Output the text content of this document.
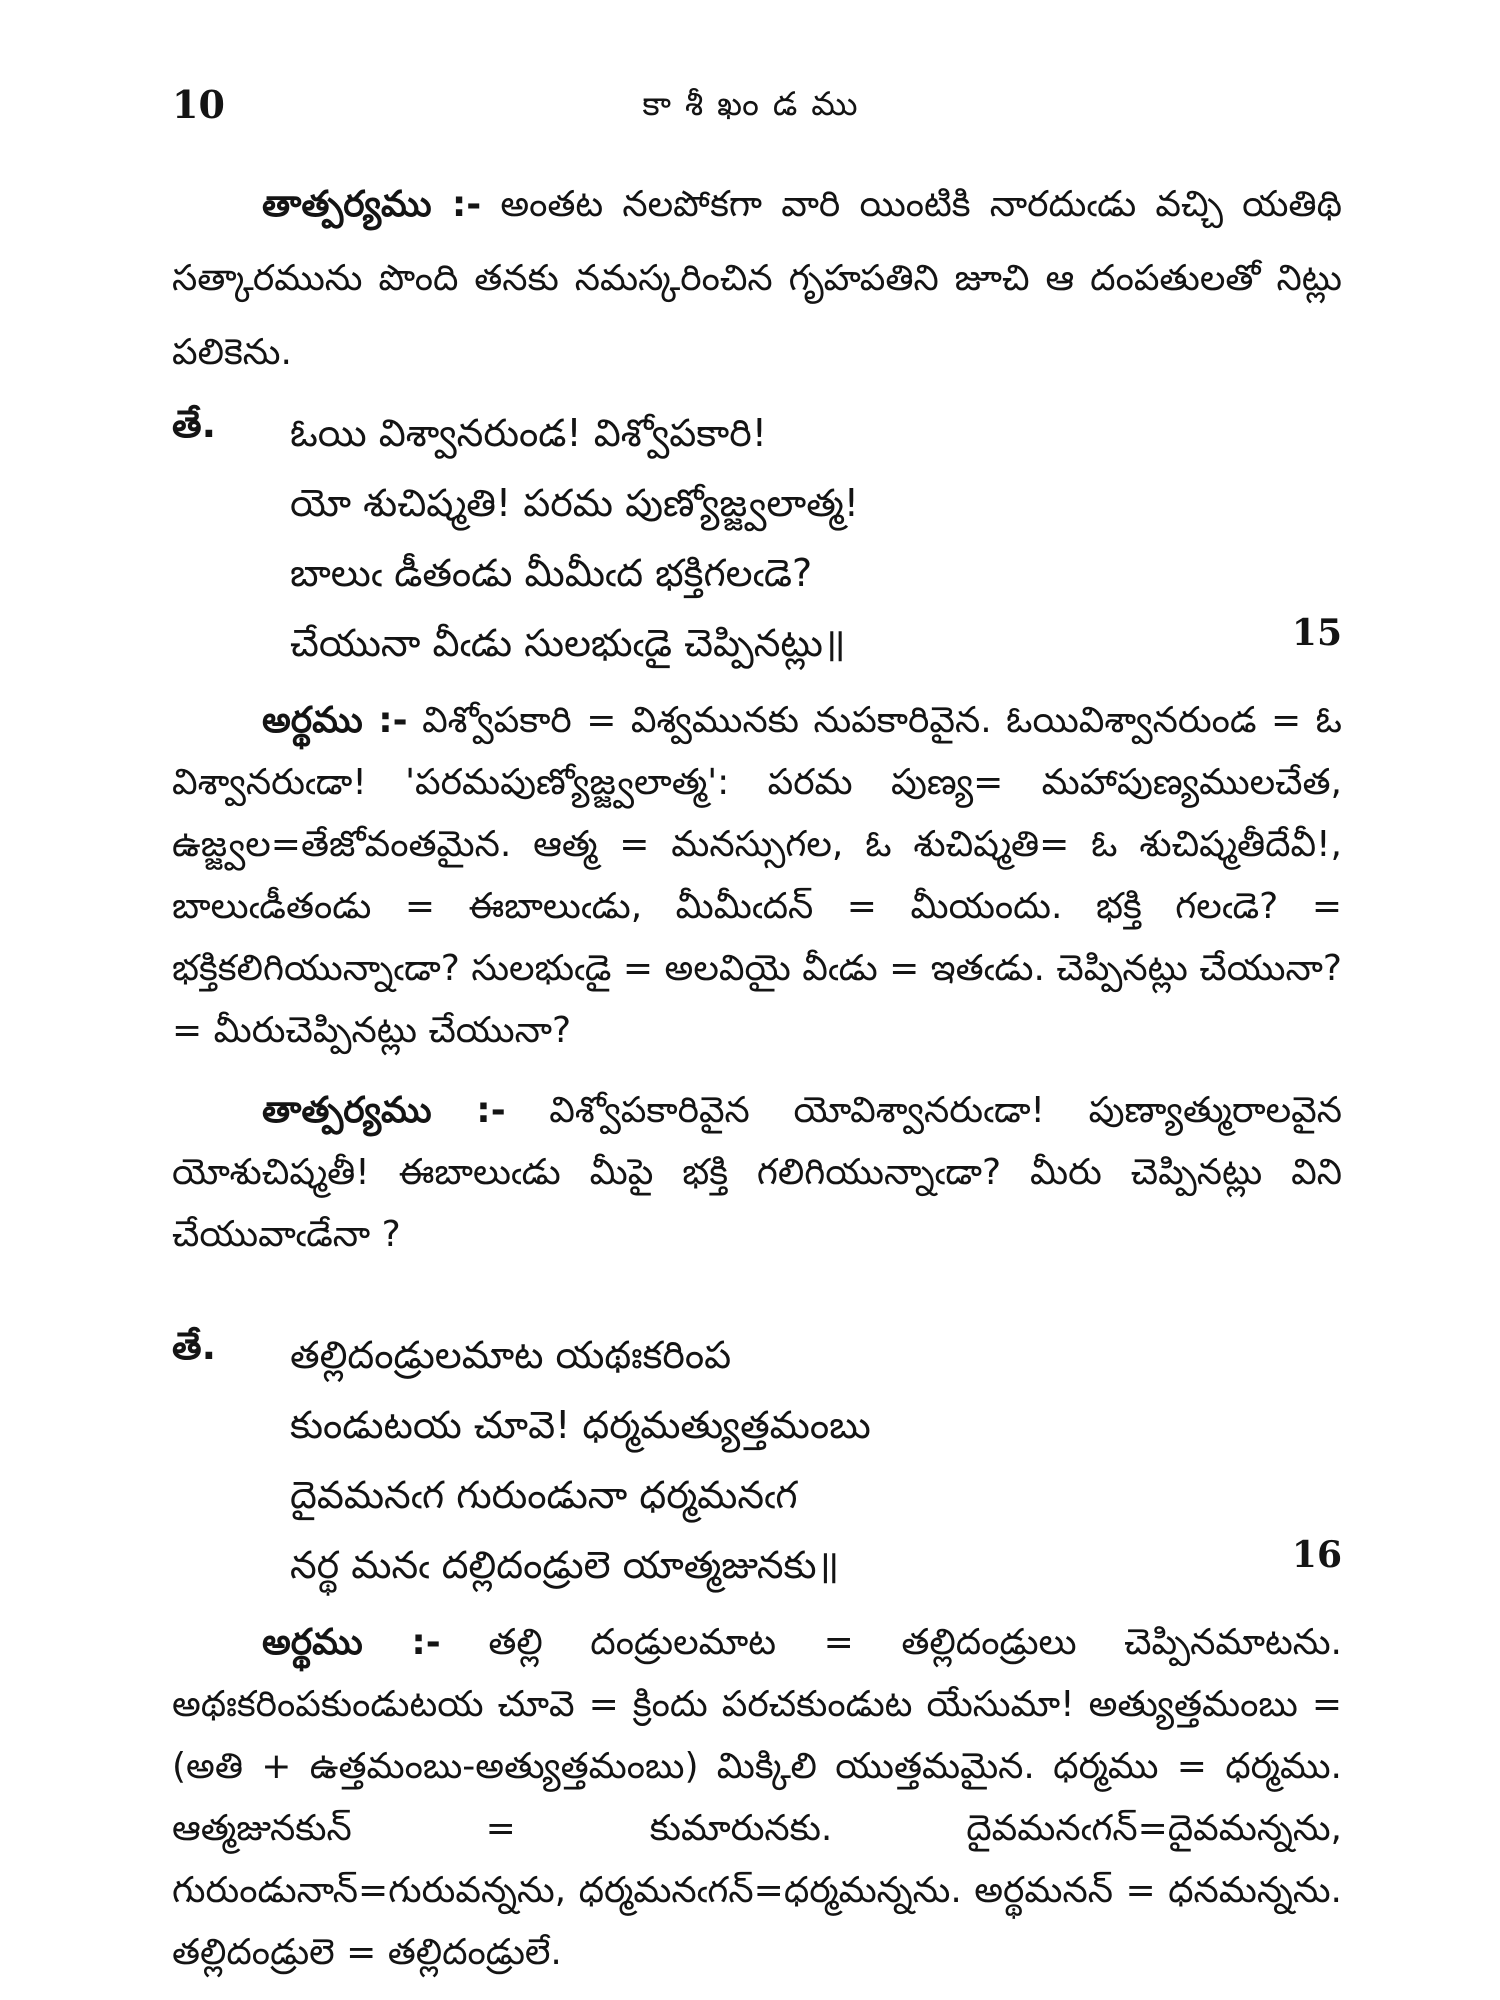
10	కాశీఖండము

తాత్పర్యము :- అంతట నలపోకగా వారి యింటికి నారదుఁడు వచ్చి యతిథి సత్కారమును పొంది తనకు నమస్కరించిన గృహపతిని జూచి ఆ దంపతులతో నిట్లు పలికెను.

తే. ఓయి విశ్వానరుండ! విశ్వోపకారి!
యో శుచిష్మతి! పరమ పుణ్యోజ్జ్వలాత్మ!
బాలుఁ డీతండు మీమీఁద భక్తిగలఁడె?
చేయునా వీఁడు సులభుఁడై చెప్పినట్లు॥	15

అర్థము :- విశ్వోపకారి = విశ్వమునకు నుపకారివైన. ఓయివిశ్వానరుండ = ఓ విశ్వానరుఁడా! 'పరమపుణ్యోజ్జ్వలాత్మ': పరమ పుణ్య= మహాపుణ్యములచేత, ఉజ్జ్వల=తేజోవంతమైన. ఆత్మ = మనస్సుగల, ఓ శుచిష్మతి= ఓ శుచిష్మతీదేవీ!, బాలుఁడీతండు = ఈబాలుఁడు, మీమీఁదన్ = మీయందు. భక్తి గలఁడె? = భక్తికలిగియున్నాఁడా? సులభుఁడై = అలవియై వీఁడు = ఇతఁడు. చెప్పినట్లు చేయునా? = మీరుచెప్పినట్లు చేయునా?

తాత్పర్యము :- విశ్వోపకారివైన యోవిశ్వానరుఁడా! పుణ్యాత్మురాలవైన యోశుచిష్మతీ! ఈబాలుఁడు మీపై భక్తి గలిగియున్నాఁడా? మీరు చెప్పినట్లు విని చేయువాఁడేనా ?

తే. తల్లిదండ్రులమాట యథఃకరింప
కుండుటయ చూవె! ధర్మమత్యుత్తమంబు
దైవమనఁగ గురుండునా ధర్మమనఁగ
నర్థ మనఁ దల్లిదండ్రులె యాత్మజునకు॥	16

అర్థము :- తల్లి దండ్రులమాట = తల్లిదండ్రులు చెప్పినమాటను. అథఃకరింపకుండుటయ చూవె = క్రిందు పరచకుండుట యేసుమా! అత్యుత్తమంబు = (అతి + ఉత్తమంబు-అత్యుత్తమంబు) మిక్కిలి యుత్తమమైన. ధర్మము = ధర్మము. ఆత్మజునకున్ = కుమారునకు. దైవమనఁగన్=దైవమన్నను, గురుండునాన్=గురువన్నను, ధర్మమనఁగన్=ధర్మమన్నను. అర్థమనన్ = ధనమన్నను. తల్లిదండ్రులె = తల్లిదండ్రులే.
